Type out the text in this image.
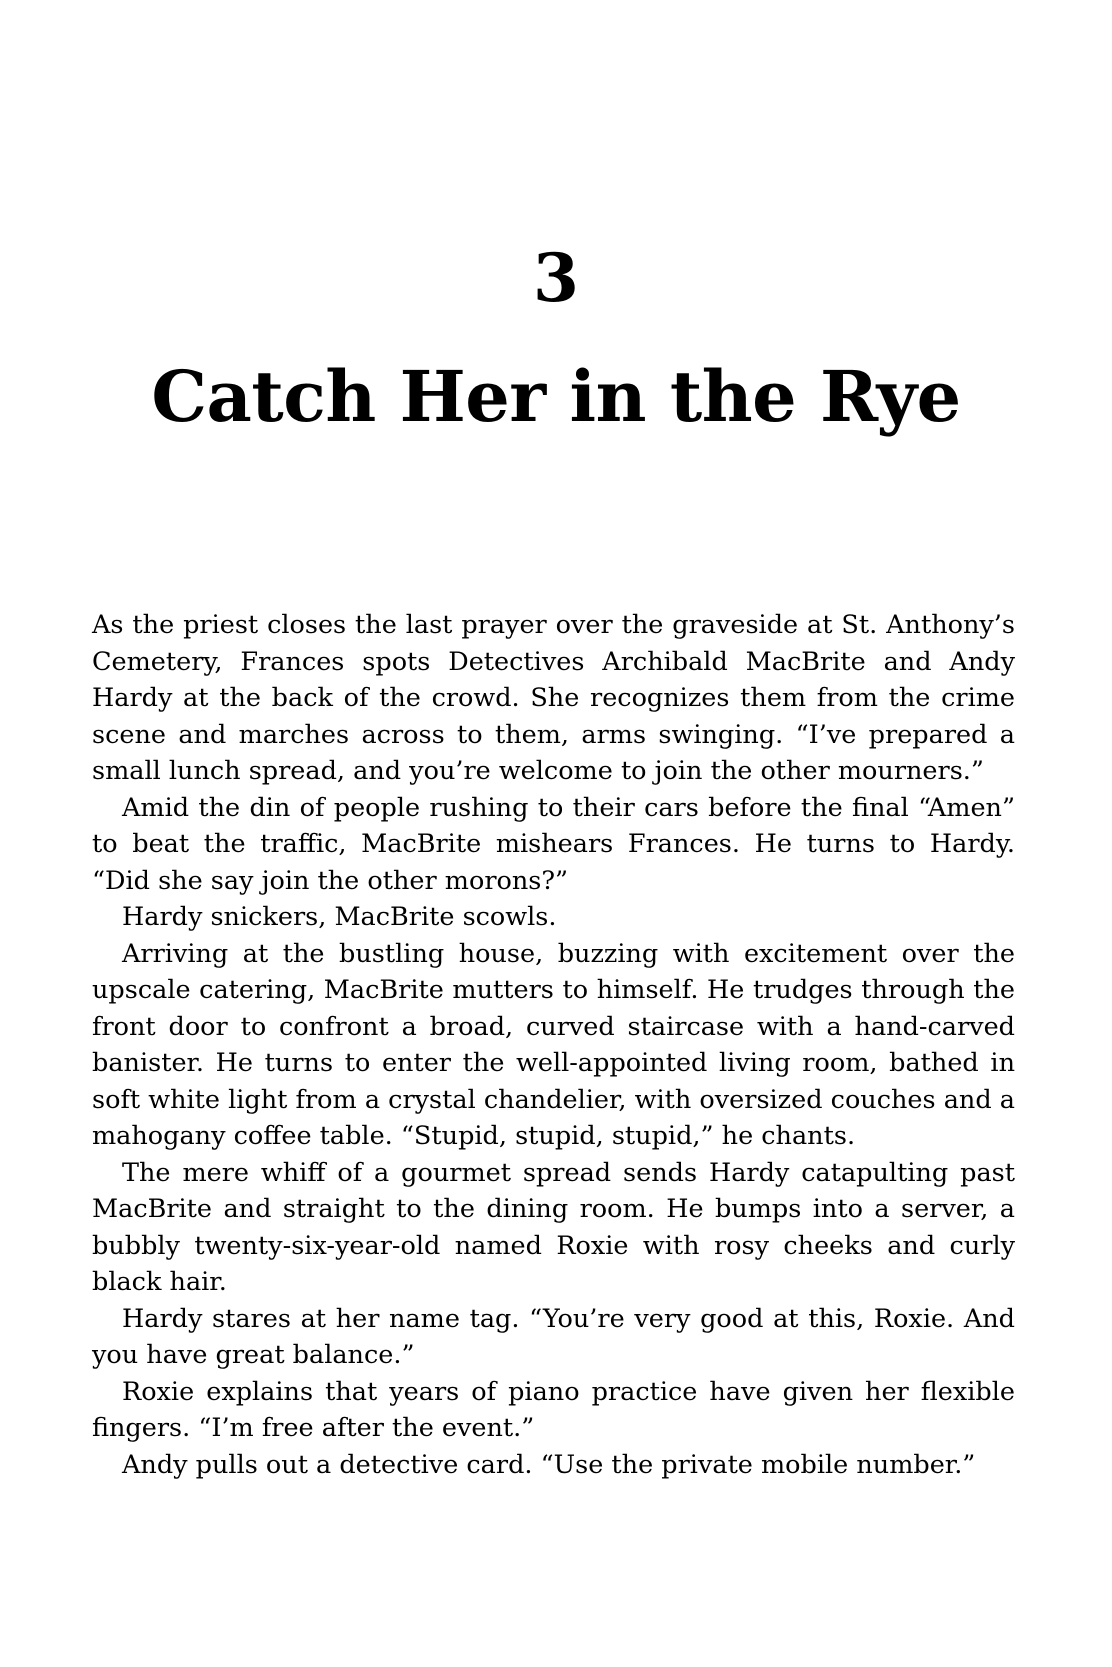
3
Catch Her in the Rye

As the priest closes the last prayer over the graveside at St. Anthony’s Cemetery, Frances spots Detectives Archibald MacBrite and Andy Hardy at the back of the crowd. She recognizes them from the crime scene and marches across to them, arms swinging. “I’ve prepared a small lunch spread, and you’re welcome to join the other mourners.”

Amid the din of people rushing to their cars before the final “Amen” to beat the traffic, MacBrite mishears Frances. He turns to Hardy. “Did she say join the other morons?”

Hardy snickers, MacBrite scowls.

Arriving at the bustling house, buzzing with excitement over the upscale catering, MacBrite mutters to himself. He trudges through the front door to confront a broad, curved staircase with a hand-carved banister. He turns to enter the well-appointed living room, bathed in soft white light from a crystal chandelier, with oversized couches and a mahogany coffee table. “Stupid, stupid, stupid,” he chants.

The mere whiff of a gourmet spread sends Hardy catapulting past MacBrite and straight to the dining room. He bumps into a server, a bubbly twenty-six-year-old named Roxie with rosy cheeks and curly black hair.

Hardy stares at her name tag. “You’re very good at this, Roxie. And you have great balance.”

Roxie explains that years of piano practice have given her flexible fingers. “I’m free after the event.”

Andy pulls out a detective card. “Use the private mobile number.”
